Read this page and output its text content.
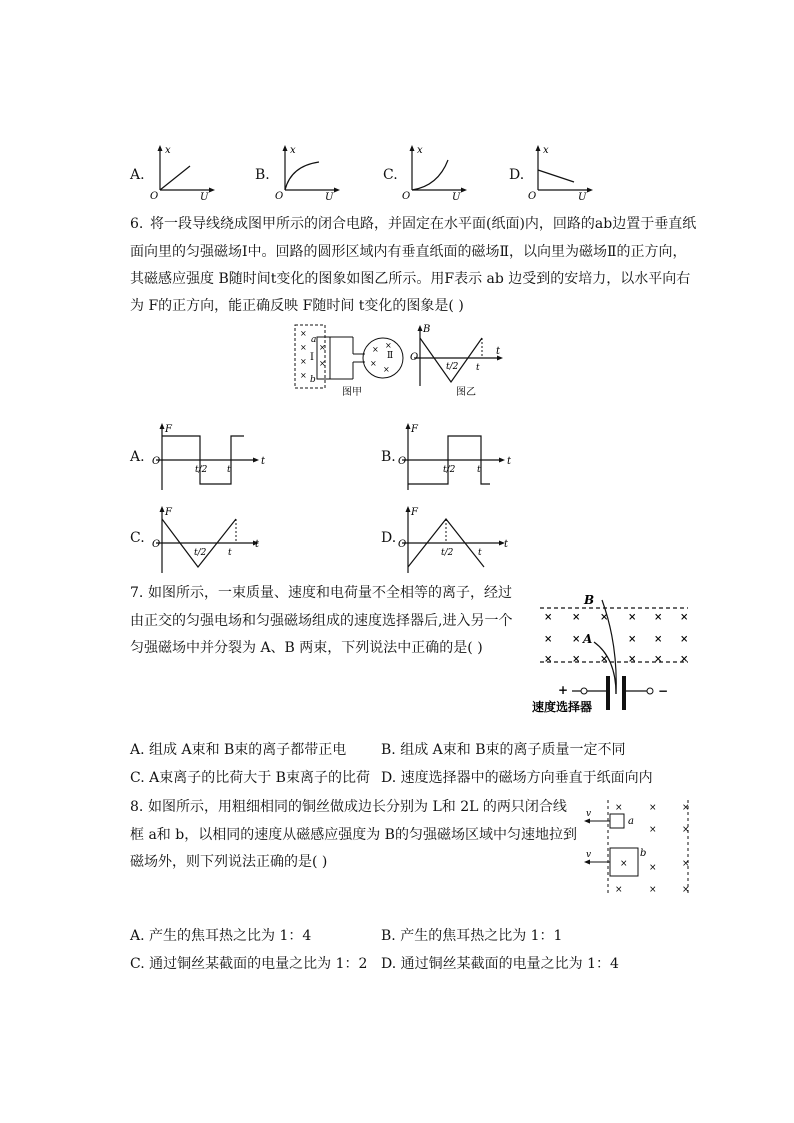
A.	B.	C.	D.
x
O	U
x
O	U
x
O	U
x
O	U
6. 将一段导线绕成图甲所示的闭合电路，并固定在水平面(纸面)内，回路的ab边置于垂直纸
面向里的匀强磁场Ⅰ中。回路的圆形区域内有垂直纸面的磁场Ⅱ，以向里为磁场Ⅱ的正方向，
其磁感应强度 B随时间t变化的图象如图乙所示。用F表示 ab 边受到的安培力，以水平向右
为 F的正方向，能正确反映 F随时间 t变化的图象是( )
×
×
×
×
×
×
a
Ⅰ
b
× ×
×
×
Ⅱ
图甲
B
O
t
t/2 t
图乙
A.	B.
C.	D.
F
O	t
t/2 t
F
O	t
t/2 t
F
O	t
t/2 t
F
O	t
t/2	t
7. 如图所示，一束质量、速度和电荷量不全相等的离子，经过
由正交的匀强电场和匀强磁场组成的速度选择器后,进入另一个
匀强磁场中并分裂为 A、B 两束，下列说法中正确的是( )
B
A
× × × × × ×
× ×	× × ×
× × × × × ×
+	−
速度选择器
A. 组成 A束和 B束的离子都带正电 B. 组成 A束和 B束的离子质量一定不同
C. A束离子的比荷大于 B束离子的比荷 D. 速度选择器中的磁场方向垂直于纸面向内
8. 如图所示，用粗细相同的铜丝做成边长分别为 L和 2L 的两只闭合线
框 a和 b，以相同的速度从磁感应强度为 B的匀强磁场区域中匀速地拉到
磁场外，则下列说法正确的是( )
v
v
a
b
×	×	×
×	×
×	×
×
×	×	×
A. 产生的焦耳热之比为 1：4	B. 产生的焦耳热之比为 1：1
C. 通过铜丝某截面的电量之比为 1：2 D. 通过铜丝某截面的电量之比为 1：4
